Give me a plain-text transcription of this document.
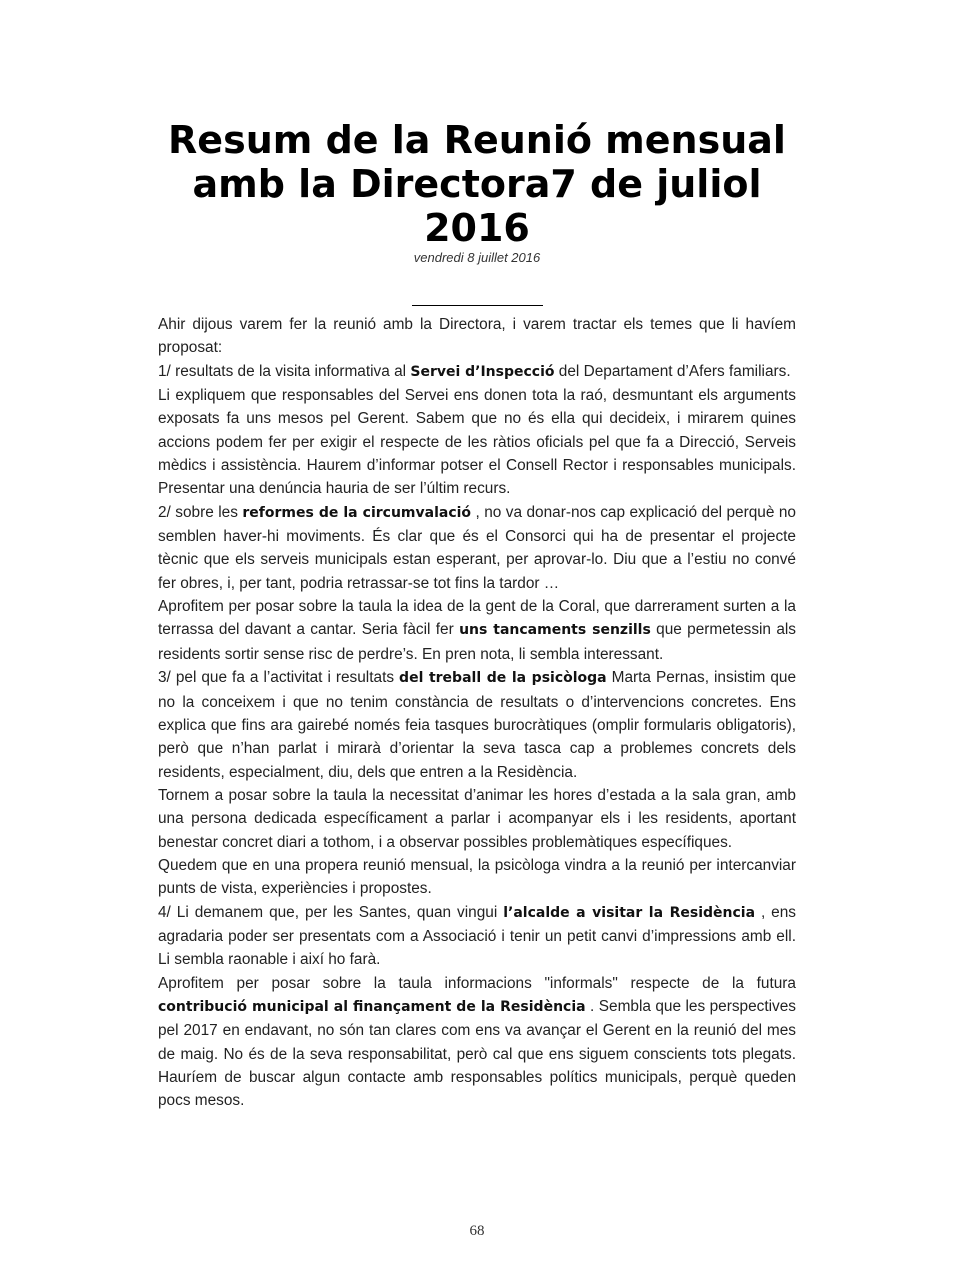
Resum de la Reunió mensual amb la Directora7 de juliol 2016
vendredi 8 juillet 2016

Ahir dijous varem fer la reunió amb la Directora, i varem tractar els temes que li havíem proposat:

1/ resultats de la visita informativa al Servei d’Inspecció del Departament d’Afers familiars.

Li expliquem que responsables del Servei ens donen tota la raó, desmuntant els arguments exposats fa uns mesos pel Gerent. Sabem que no és ella qui decideix, i mirarem quines accions podem fer per exigir el respecte de les ràtios oficials pel que fa a Direcció, Serveis mèdics i assistència. Haurem d’informar potser el Consell Rector i responsables municipals. Presentar una denúncia hauria de ser l’últim recurs.

2/ sobre les reformes de la circumvalació , no va donar-nos cap explicació del perquè no semblen haver-hi moviments. És clar que és el Consorci qui ha de presentar el projecte tècnic que els serveis municipals estan esperant, per aprovar-lo. Diu que a l’estiu no convé fer obres, i, per tant, podria retrassar-se tot fins la tardor …

Aprofitem per posar sobre la taula la idea de la gent de la Coral, que darrerament surten a la terrassa del davant a cantar. Seria fàcil fer uns tancaments senzills que permetessin als residents sortir sense risc de perdre’s. En pren nota, li sembla interessant.

3/ pel que fa a l’activitat i resultats del treball de la psicòloga Marta Pernas, insistim que no la conceixem i que no tenim constància de resultats o d’intervencions concretes. Ens explica que fins ara gairebé només feia tasques burocràtiques (omplir formularis obligatoris), però que n’han parlat i mirarà d’orientar la seva tasca cap a problemes concrets dels residents, especialment, diu, dels que entren a la Residència.

Tornem a posar sobre la taula la necessitat d’animar les hores d’estada a la sala gran, amb una persona dedicada específicament a parlar i acompanyar els i les residents, aportant benestar concret diari a tothom, i a observar possibles problemàtiques específiques.

Quedem que en una propera reunió mensual, la psicòloga vindra a la reunió per intercanviar punts de vista, experiències i propostes.

4/ Li demanem que, per les Santes, quan vingui l’alcalde a visitar la Residència , ens agradaria poder ser presentats com a Associació i tenir un petit canvi d’impressions amb ell. Li sembla raonable i així ho farà.

Aprofitem per posar sobre la taula informacions "informals" respecte de la futura contribució municipal al finançament de la Residència . Sembla que les perspectives pel 2017 en endavant, no són tan clares com ens va avançar el Gerent en la reunió del mes de maig. No és de la seva responsabilitat, però cal que ens siguem conscients tots plegats. Hauríem de buscar algun contacte amb responsables polítics municipals, perquè queden pocs mesos.

68
